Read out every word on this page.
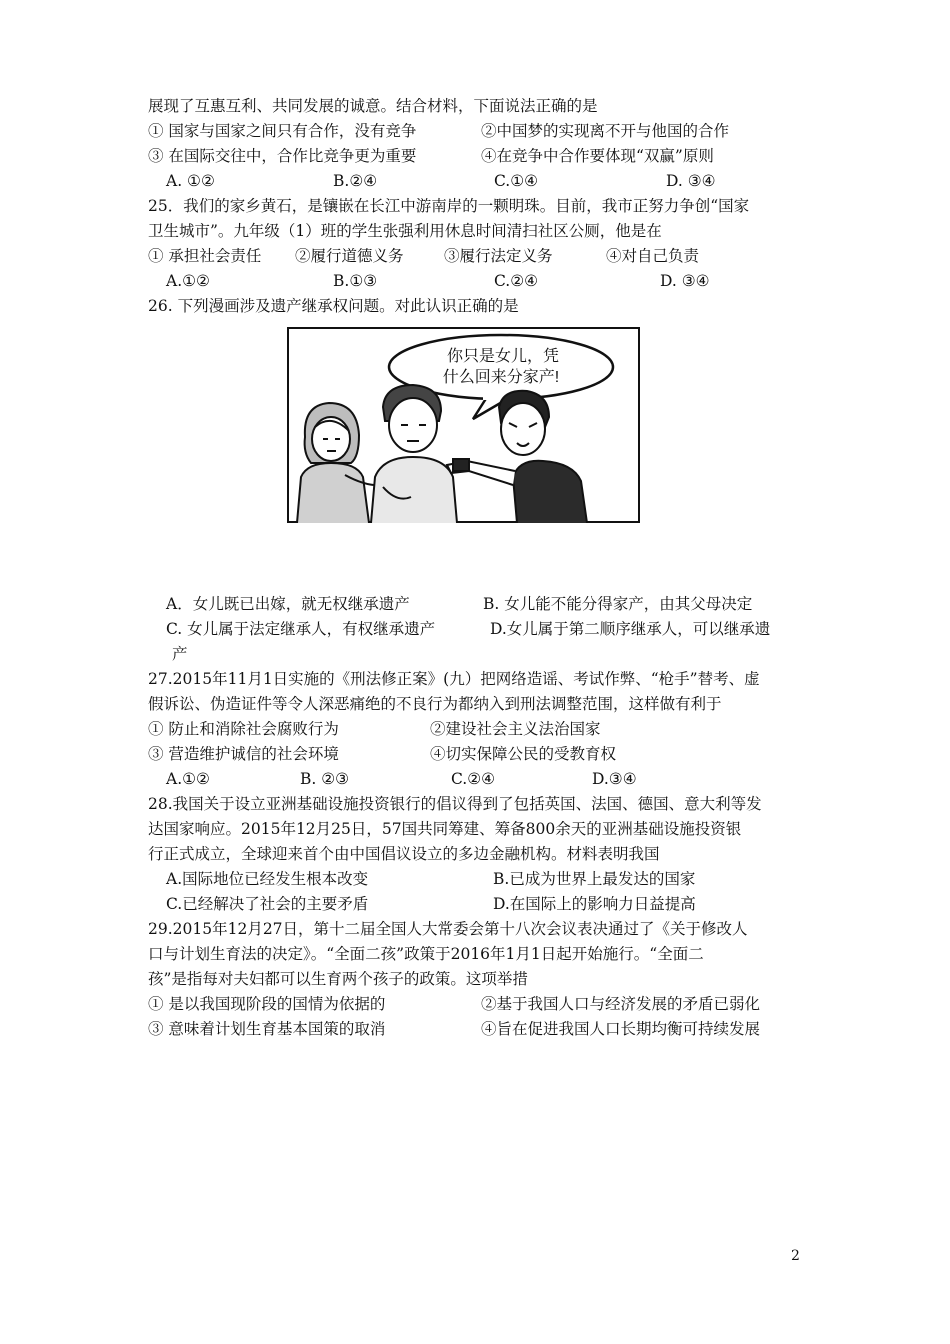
展现了互惠互利、共同发展的诚意。结合材料，下面说法正确的是
① 国家与国家之间只有合作，没有竞争	②中国梦的实现离不开与他国的合作
③ 在国际交往中，合作比竞争更为重要	④在竞争中合作要体现“双赢”原则
A. ①②	B.②④	C.①④	D. ③④
25．我们的家乡黄石，是镶嵌在长江中游南岸的一颗明珠。目前，我市正努力争创“国家
卫生城市”。九年级（1）班的学生张强利用休息时间清扫社区公厕，他是在
① 承担社会责任 ②履行道德义务	③履行法定义务	④对自己负责
A.①②	B.①③	C.②④	D. ③④
26. 下列漫画涉及遗产继承权问题。对此认识正确的是
你只是女儿，凭
什么回来分家产!
A．女儿既已出嫁，就无权继承遗产	B. 女儿能不能分得家产，由其父母决定
C. 女儿属于法定继承人，有权继承遗产	D.女儿属于第二顺序继承人，可以继承遗
产
27.2015年11月1日实施的《刑法修正案》(九）把网络造谣、考试作弊、“枪手”替考、虚
假诉讼、伪造证件等令人深恶痛绝的不良行为都纳入到刑法调整范围，这样做有利于
① 防止和消除社会腐败行为	②建设社会主义法治国家
③ 营造维护诚信的社会环境	④切实保障公民的受教育权
A.①②	B. ②③	C.②④	D.③④
28.我国关于设立亚洲基础设施投资银行的倡议得到了包括英国、法国、德国、意大利等发
达国家响应。2015年12月25日，57国共同筹建、筹备800余天的亚洲基础设施投资银
行正式成立，全球迎来首个由中国倡议设立的多边金融机构。材料表明我国
A.国际地位已经发生根本改变	B.已成为世界上最发达的国家
C.已经解决了社会的主要矛盾	D.在国际上的影响力日益提高
29.2015年12月27日，第十二届全国人大常委会第十八次会议表决通过了《关于修改人
口与计划生育法的决定》。“全面二孩”政策于2016年1月1日起开始施行。“全面二
孩”是指每对夫妇都可以生育两个孩子的政策。这项举措
① 是以我国现阶段的国情为依据的	②基于我国人口与经济发展的矛盾已弱化
③ 意味着计划生育基本国策的取消	④旨在促进我国人口长期均衡可持续发展
2
